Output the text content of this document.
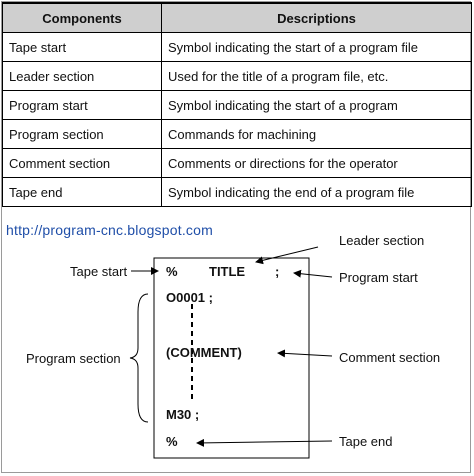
Components	Descriptions
Tape start	Symbol indicating the start of a program file
Leader section	Used for the title of a program file, etc.
Program start	Symbol indicating the start of a program
Program section	Commands for machining
Comment section	Comments or directions for the operator
Tape end	Symbol indicating the end of a program file
http://program-cnc.blogspot.com
Leader section
Tape start	Program start
Program section	Comment section
Tape end
% TITLE ;
O0001 ;
(COMMENT)
M30 ;
%
